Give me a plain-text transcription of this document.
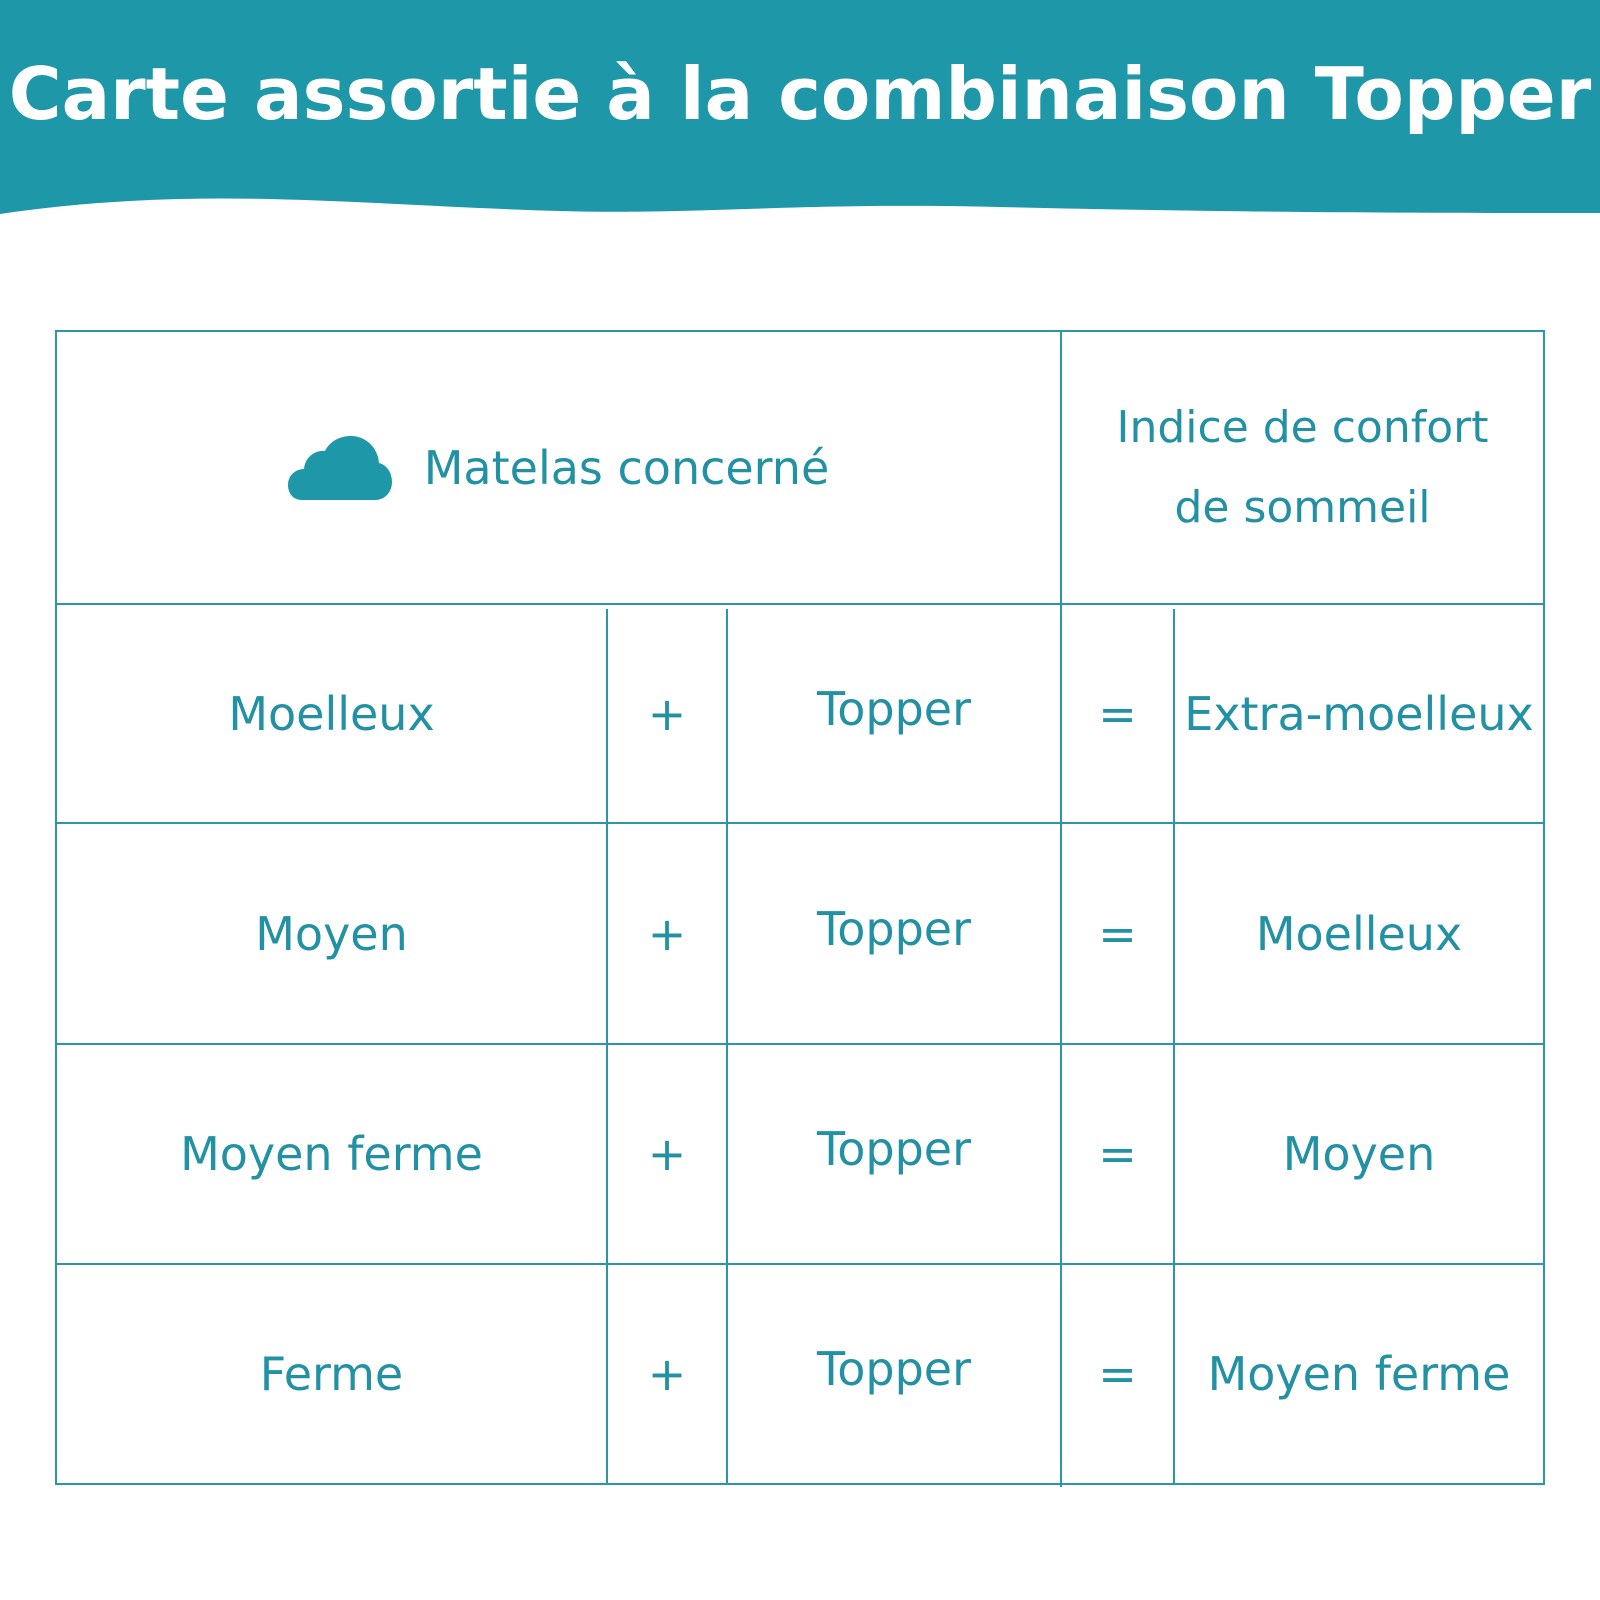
Carte assortie à la combinaison Topper
Matelas concerné
Indice de confort
de sommeil
Moelleux	+	Topper	=	Extra-moelleux
Moyen	+	Topper	=	Moelleux
Moyen ferme	+	Topper	=	Moyen
Ferme	+	Topper	=	Moyen ferme
